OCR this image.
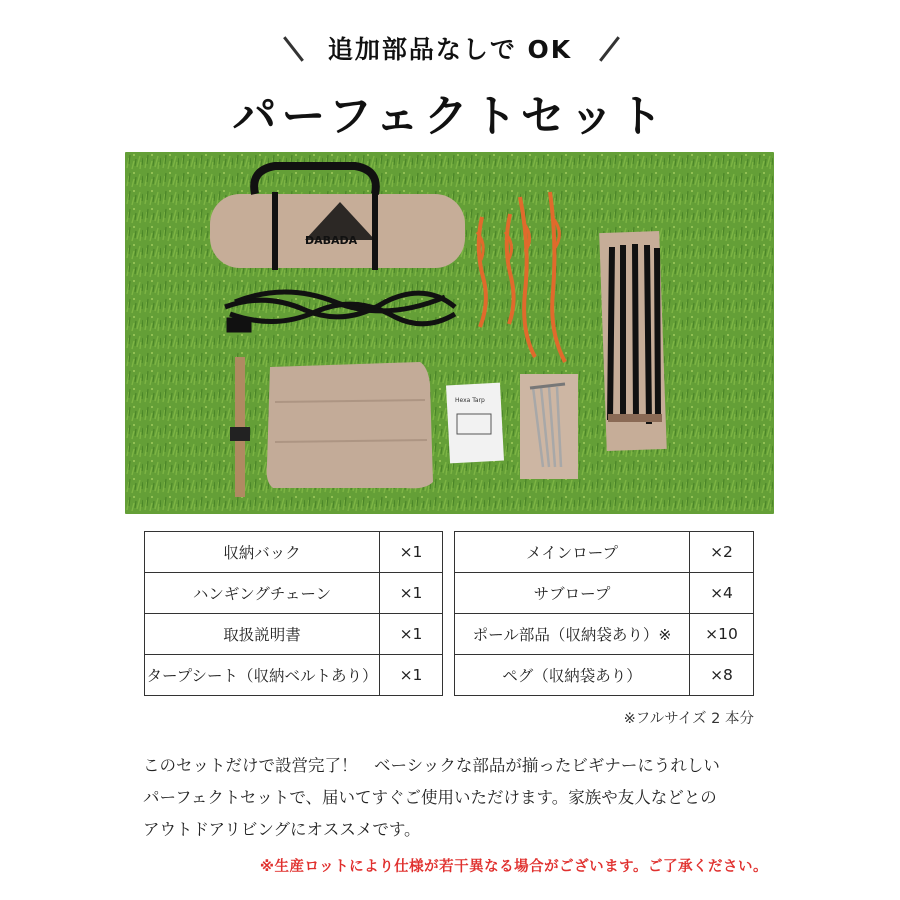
追加部品なしで OK
パーフェクトセット
DABADA
Hexa Tarp
収納バック	×1
ハンギングチェーン	×1
取扱説明書	×1
タープシート（収納ベルトあり）	×1
メインロープ	×2
サブロープ	×4
ポール部品（収納袋あり）※	×10
ペグ（収納袋あり）	×8
※フルサイズ 2 本分
このセットだけで設営完了！　ベーシックな部品が揃ったビギナーにうれしい
パーフェクトセットで、届いてすぐご使用いただけます。家族や友人などとの
アウトドアリビングにオススメです。
※生産ロットにより仕様が若干異なる場合がございます。ご了承ください。
